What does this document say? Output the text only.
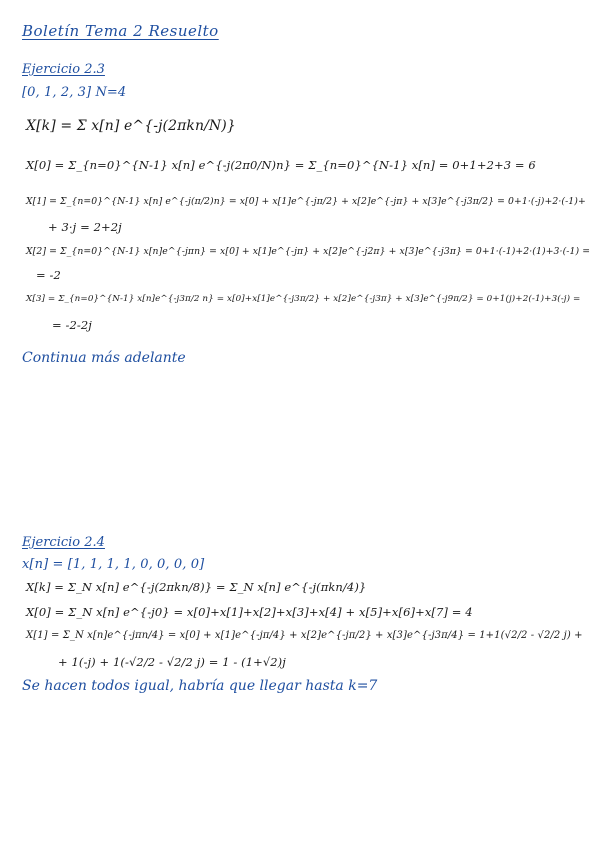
Boletín Tema 2 Resuelto
Ejercicio 2.3
[0, 1, 2, 3] N=4
X[k] = Σ x[n] e^{-j(2πkn/N)}
X[0] = Σ_{n=0}^{N-1} x[n] e^{-j(2π0/N)n} = Σ_{n=0}^{N-1} x[n] = 0+1+2+3 = 6
X[1] = Σ_{n=0}^{N-1} x[n] e^{-j(π/2)n} = x[0] + x[1]e^{-jπ/2} + x[2]e^{-jπ} + x[3]e^{-j3π/2} = 0+1·(-j)+2·(-1)+
+ 3·j = 2+2j
X[2] = Σ_{n=0}^{N-1} x[n]e^{-jπn} = x[0] + x[1]e^{-jπ} + x[2]e^{-j2π} + x[3]e^{-j3π} = 0+1·(-1)+2·(1)+3·(-1) =
= -2
X[3] = Σ_{n=0}^{N-1} x[n]e^{-j3π/2 n} = x[0]+x[1]e^{-j3π/2} + x[2]e^{-j3π} + x[3]e^{-j9π/2} = 0+1(j)+2(-1)+3(-j) =
= -2-2j
Continua más adelante
Ejercicio 2.4
x[n] = [1, 1, 1, 1, 0, 0, 0, 0]
X[k] = Σ_N x[n] e^{-j(2πkn/8)} = Σ_N x[n] e^{-j(πkn/4)}
X[0] = Σ_N x[n] e^{-j0} = x[0]+x[1]+x[2]+x[3]+x[4] + x[5]+x[6]+x[7] = 4
X[1] = Σ_N x[n]e^{-jπn/4} = x[0] + x[1]e^{-jπ/4} + x[2]e^{-jπ/2} + x[3]e^{-j3π/4} = 1+1(√2/2 - √2/2 j) +
+ 1(-j) + 1(-√2/2 - √2/2 j) = 1 - (1+√2)j
Se hacen todos igual, habría que llegar hasta k=7
